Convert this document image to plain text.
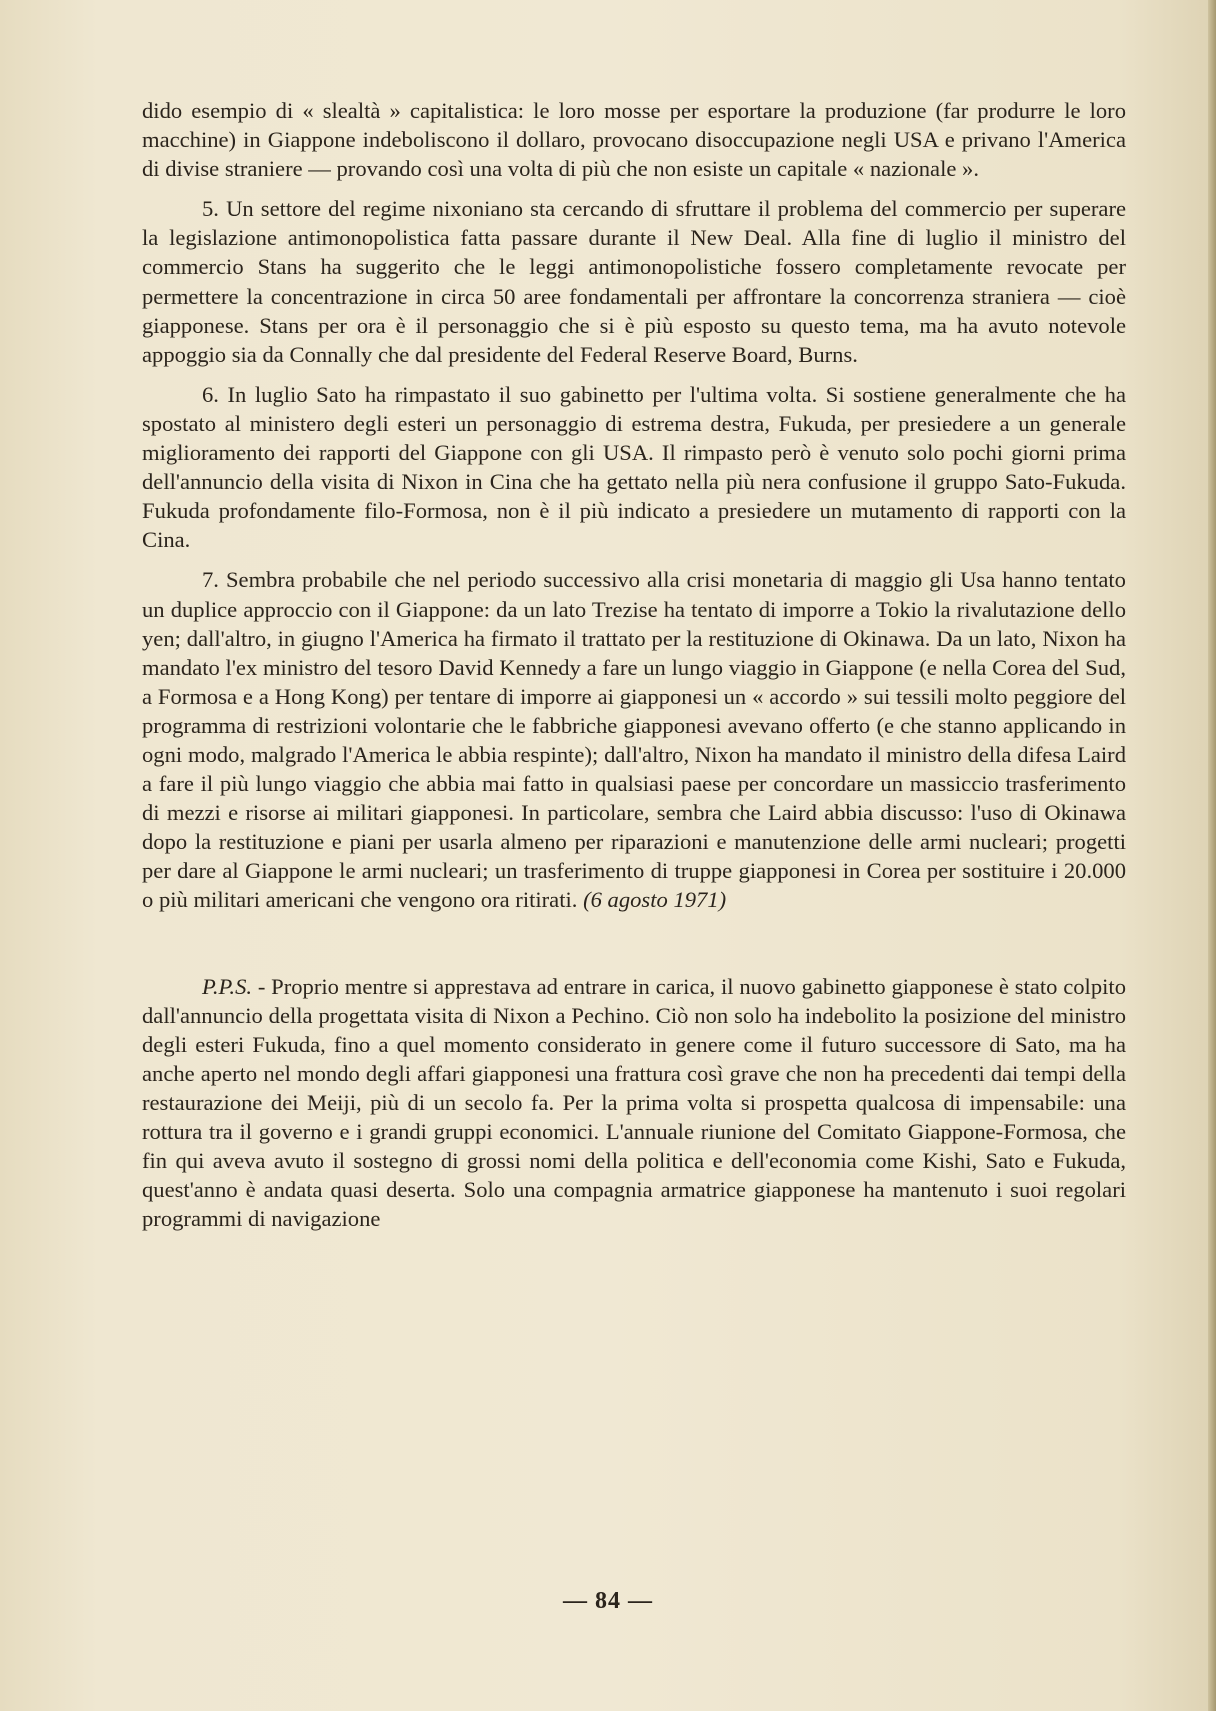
dido esempio di « slealtà » capitalistica: le loro mosse per esportare la produzione (far produrre le loro macchine) in Giappone indeboliscono il dollaro, provocano disoccupazione negli USA e privano l'America di divise straniere — provando così una volta di più che non esiste un capitale « nazionale ».

5. Un settore del regime nixoniano sta cercando di sfruttare il problema del commercio per superare la legislazione antimonopolistica fatta passare durante il New Deal. Alla fine di luglio il ministro del commercio Stans ha suggerito che le leggi antimonopolistiche fossero completamente revocate per permettere la concentrazione in circa 50 aree fondamentali per affrontare la concorrenza straniera — cioè giapponese. Stans per ora è il personaggio che si è più esposto su questo tema, ma ha avuto notevole appoggio sia da Connally che dal presidente del Federal Reserve Board, Burns.

6. In luglio Sato ha rimpastato il suo gabinetto per l'ultima volta. Si sostiene generalmente che ha spostato al ministero degli esteri un personaggio di estrema destra, Fukuda, per presiedere a un generale miglioramento dei rapporti del Giappone con gli USA. Il rimpasto però è venuto solo pochi giorni prima dell'annuncio della visita di Nixon in Cina che ha gettato nella più nera confusione il gruppo Sato-Fukuda. Fukuda profondamente filo-Formosa, non è il più indicato a presiedere un mutamento di rapporti con la Cina.

7. Sembra probabile che nel periodo successivo alla crisi monetaria di maggio gli Usa hanno tentato un duplice approccio con il Giappone: da un lato Trezise ha tentato di imporre a Tokio la rivalutazione dello yen; dall'altro, in giugno l'America ha firmato il trattato per la restituzione di Okinawa. Da un lato, Nixon ha mandato l'ex ministro del tesoro David Kennedy a fare un lungo viaggio in Giappone (e nella Corea del Sud, a Formosa e a Hong Kong) per tentare di imporre ai giapponesi un « accordo » sui tessili molto peggiore del programma di restrizioni volontarie che le fabbriche giapponesi avevano offerto (e che stanno applicando in ogni modo, malgrado l'America le abbia respinte); dall'altro, Nixon ha mandato il ministro della difesa Laird a fare il più lungo viaggio che abbia mai fatto in qualsiasi paese per concordare un massiccio trasferimento di mezzi e risorse ai militari giapponesi. In particolare, sembra che Laird abbia discusso: l'uso di Okinawa dopo la restituzione e piani per usarla almeno per riparazioni e manutenzione delle armi nucleari; progetti per dare al Giappone le armi nucleari; un trasferimento di truppe giapponesi in Corea per sostituire i 20.000 o più militari americani che vengono ora ritirati. (6 agosto 1971)

P.P.S. - Proprio mentre si apprestava ad entrare in carica, il nuovo gabinetto giapponese è stato colpito dall'annuncio della progettata visita di Nixon a Pechino. Ciò non solo ha indebolito la posizione del ministro degli esteri Fukuda, fino a quel momento considerato in genere come il futuro successore di Sato, ma ha anche aperto nel mondo degli affari giapponesi una frattura così grave che non ha precedenti dai tempi della restaurazione dei Meiji, più di un secolo fa. Per la prima volta si prospetta qualcosa di impensabile: una rottura tra il governo e i grandi gruppi economici. L'annuale riunione del Comitato Giappone-Formosa, che fin qui aveva avuto il sostegno di grossi nomi della politica e dell'economia come Kishi, Sato e Fukuda, quest'anno è andata quasi deserta. Solo una compagnia armatrice giapponese ha mantenuto i suoi regolari programmi di navigazione

— 84 —
